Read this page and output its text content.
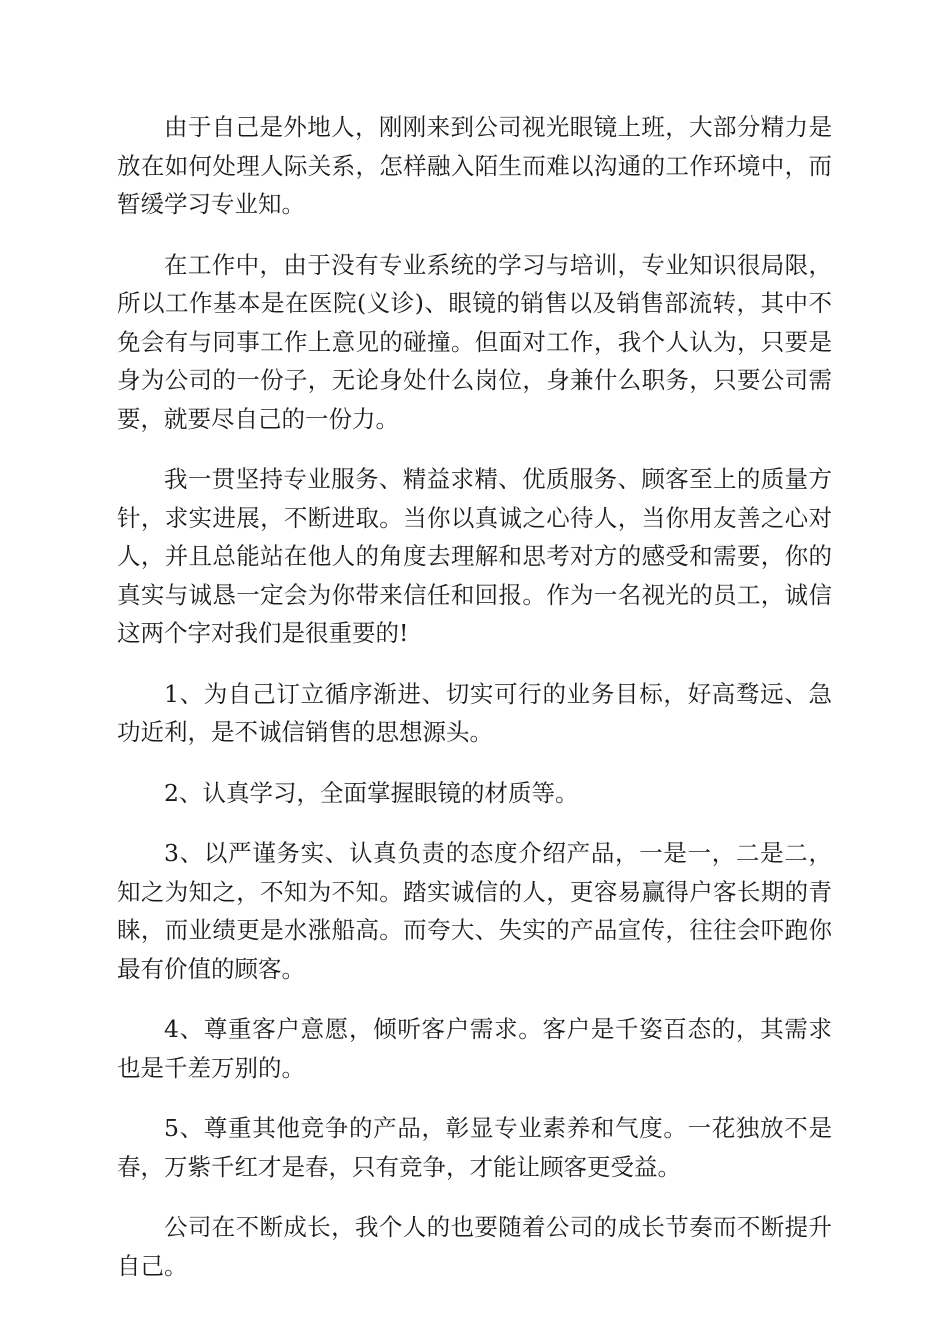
由于自己是外地人，刚刚来到公司视光眼镜上班，大部分精力是放在如何处理人际关系，怎样融入陌生而难以沟通的工作环境中，而暂缓学习专业知。

在工作中，由于没有专业系统的学习与培训，专业知识很局限，所以工作基本是在医院(义诊)、眼镜的销售以及销售部流转，其中不免会有与同事工作上意见的碰撞。但面对工作，我个人认为，只要是身为公司的一份子，无论身处什么岗位，身兼什么职务，只要公司需要，就要尽自己的一份力。

我一贯坚持专业服务、精益求精、优质服务、顾客至上的质量方针，求实进展，不断进取。当你以真诚之心待人，当你用友善之心对人，并且总能站在他人的角度去理解和思考对方的感受和需要，你的真实与诚恳一定会为你带来信任和回报。作为一名视光的员工，诚信这两个字对我们是很重要的!

1、为自己订立循序渐进、切实可行的业务目标，好高骛远、急功近利，是不诚信销售的思想源头。

2、认真学习，全面掌握眼镜的材质等。

3、以严谨务实、认真负责的态度介绍产品，一是一，二是二，知之为知之，不知为不知。踏实诚信的人，更容易赢得户客长期的青睐，而业绩更是水涨船高。而夸大、失实的产品宣传，往往会吓跑你最有价值的顾客。

4、尊重客户意愿，倾听客户需求。客户是千姿百态的，其需求也是千差万别的。

5、尊重其他竞争的产品，彰显专业素养和气度。一花独放不是春，万紫千红才是春，只有竞争，才能让顾客更受益。

公司在不断成长，我个人的也要随着公司的成长节奏而不断提升自己。
